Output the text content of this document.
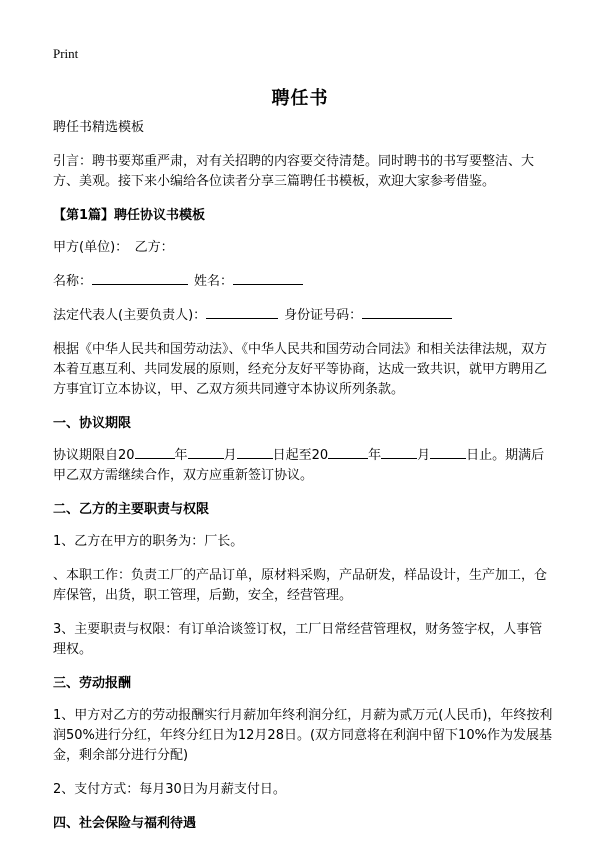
Print
聘任书

聘任书精选模板

引言：聘书要郑重严肃，对有关招聘的内容要交待清楚。同时聘书的书写要整洁、大方、美观。接下来小编给各位读者分享三篇聘任书模板，欢迎大家参考借鉴。

【第1篇】聘任协议书模板

甲方(单位)：　乙方：

名称：	姓名：

法定代表人(主要负责人)：	身份证号码：

根据《中华人民共和国劳动法》、《中华人民共和国劳动合同法》和相关法律法规，双方本着互惠互利、共同发展的原则，经充分友好平等协商，达成一致共识，就甲方聘用乙方事宜订立本协议，甲、乙双方须共同遵守本协议所列条款。

一、协议期限

协议期限自20	年	月	日起至20	年	月	日止。期满后甲乙双方需继续合作，双方应重新签订协议。

二、乙方的主要职责与权限

1、乙方在甲方的职务为：厂长。

、本职工作：负责工厂的产品订单，原材料采购，产品研发，样品设计，生产加工，仓库保管，出货，职工管理，后勤，安全，经营管理。

3、主要职责与权限：有订单洽谈签订权，工厂日常经营管理权，财务签字权，人事管理权。

三、劳动报酬

1、甲方对乙方的劳动报酬实行月薪加年终利润分红，月薪为贰万元(人民币)，年终按利润50%进行分红，年终分红日为12月28日。(双方同意将在利润中留下10%作为发展基金，剩余部分进行分配)

2、支付方式：每月30日为月薪支付日。

四、社会保险与福利待遇
